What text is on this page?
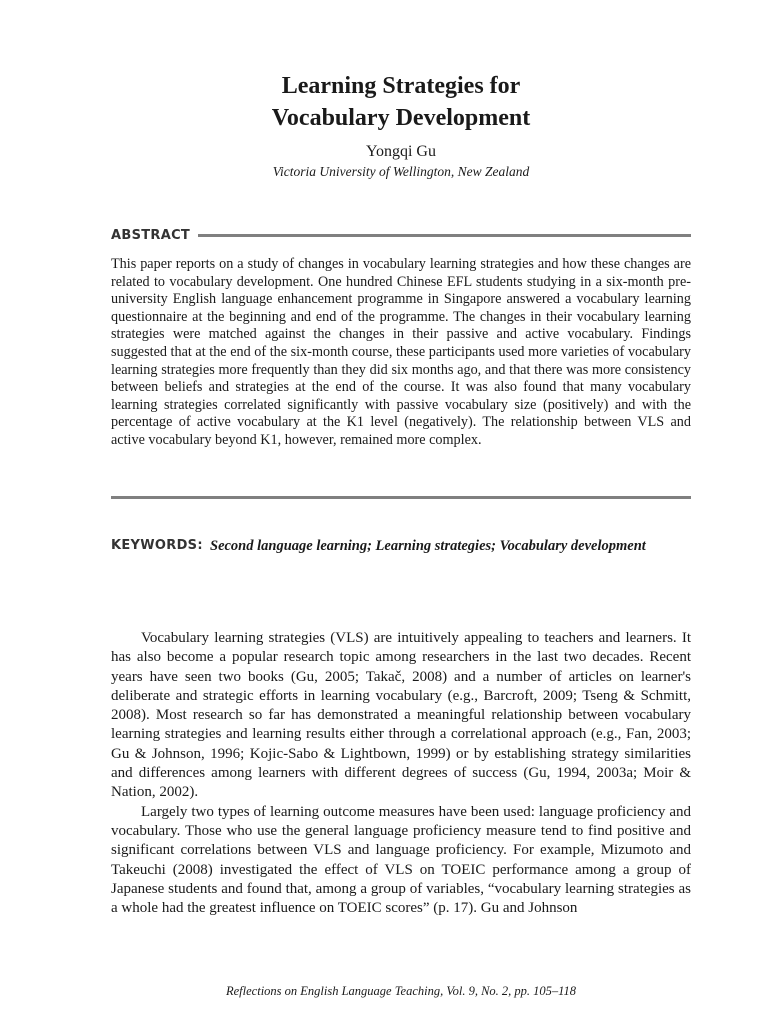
Learning Strategies for
Vocabulary Development
Yongqi Gu
Victoria University of Wellington, New Zealand
ABSTRACT

This paper reports on a study of changes in vocabulary learning strategies and how these changes are related to vocabulary development. One hundred Chinese EFL students studying in a six-month pre-university English language enhancement programme in Singapore answered a vocabulary learning questionnaire at the beginning and end of the programme. The changes in their vocabulary learning strategies were matched against the changes in their passive and active vocabulary. Findings suggested that at the end of the six-month course, these participants used more varieties of vocabulary learning strategies more frequently than they did six months ago, and that there was more consistency between beliefs and strategies at the end of the course. It was also found that many vocabulary learning strategies correlated significantly with passive vocabulary size (positively) and with the percentage of active vocabulary at the K1 level (negatively). The relationship between VLS and active vocabulary beyond K1, however, remained more complex.

KEYWORDS: Second language learning; Learning strategies; Vocabulary development

Vocabulary learning strategies (VLS) are intuitively appealing to teachers and learners. It has also become a popular research topic among researchers in the last two decades. Recent years have seen two books (Gu, 2005; Takač, 2008) and a number of articles on learner's deliberate and strategic efforts in learning vocabulary (e.g., Barcroft, 2009; Tseng & Schmitt, 2008). Most research so far has demonstrated a meaningful relationship between vocabulary learning strategies and learning results either through a correlational approach (e.g., Fan, 2003; Gu & Johnson, 1996; Kojic-Sabo & Lightbown, 1999) or by establishing strategy similarities and differences among learners with different degrees of success (Gu, 1994, 2003a; Moir & Nation, 2002).

Largely two types of learning outcome measures have been used: language proficiency and vocabulary. Those who use the general language proficiency measure tend to find positive and significant correlations between VLS and language proficiency. For example, Mizumoto and Takeuchi (2008) investigated the effect of VLS on TOEIC performance among a group of Japanese students and found that, among a group of variables, “vocabulary learning strategies as a whole had the greatest influence on TOEIC scores” (p. 17). Gu and Johnson

Reflections on English Language Teaching, Vol. 9, No. 2, pp. 105–118
